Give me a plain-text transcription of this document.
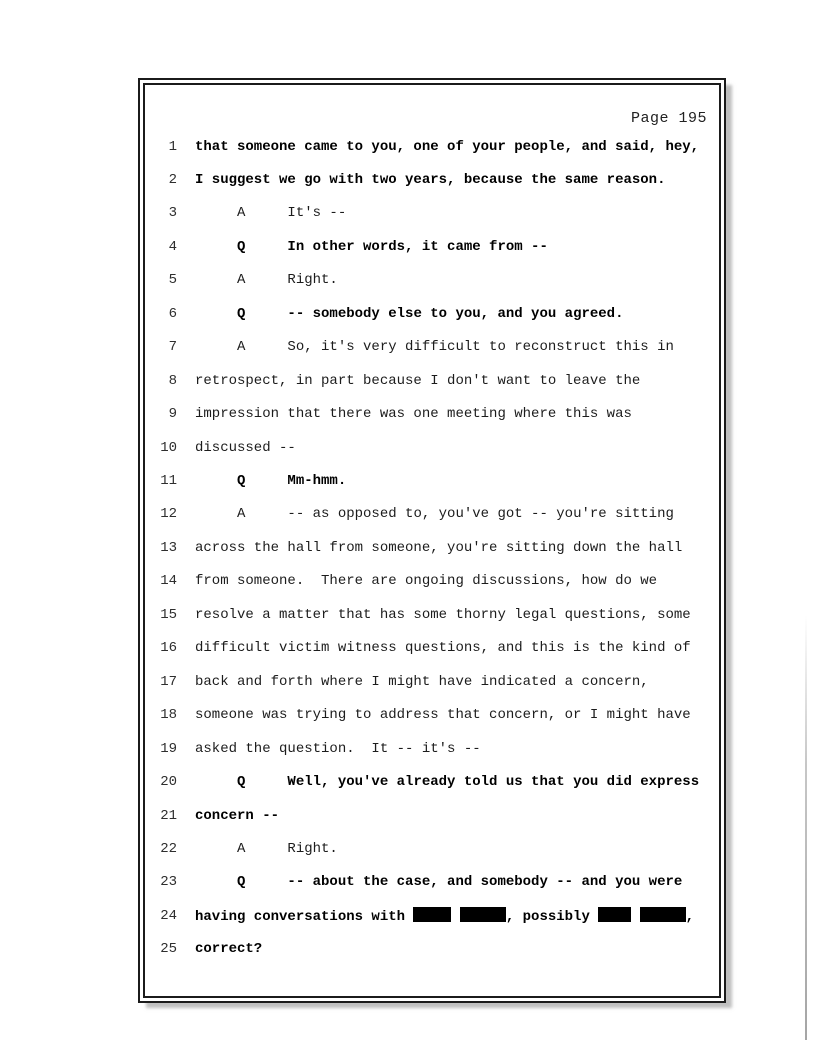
Page 195
1 that someone came to you, one of your people, and said, hey,
2 I suggest we go with two years, because the same reason.
3 A     It's --
4 Q     In other words, it came from --
5 A     Right.
6 Q     -- somebody else to you, and you agreed.
7 A     So, it's very difficult to reconstruct this in
8 retrospect, in part because I don't want to leave the
9 impression that there was one meeting where this was
10 discussed --
11 Q     Mm-hmm.
12 A     -- as opposed to, you've got -- you're sitting
13 across the hall from someone, you're sitting down the hall
14 from someone.  There are ongoing discussions, how do we
15 resolve a matter that has some thorny legal questions, some
16 difficult victim witness questions, and this is the kind of
17 back and forth where I might have indicated a concern,
18 someone was trying to address that concern, or I might have
19 asked the question.  It -- it's --
20 Q     Well, you've already told us that you did express
21 concern --
22 A     Right.
23 Q     -- about the case, and somebody -- and you were
24 having conversations with	, possibly	,
25 correct?
